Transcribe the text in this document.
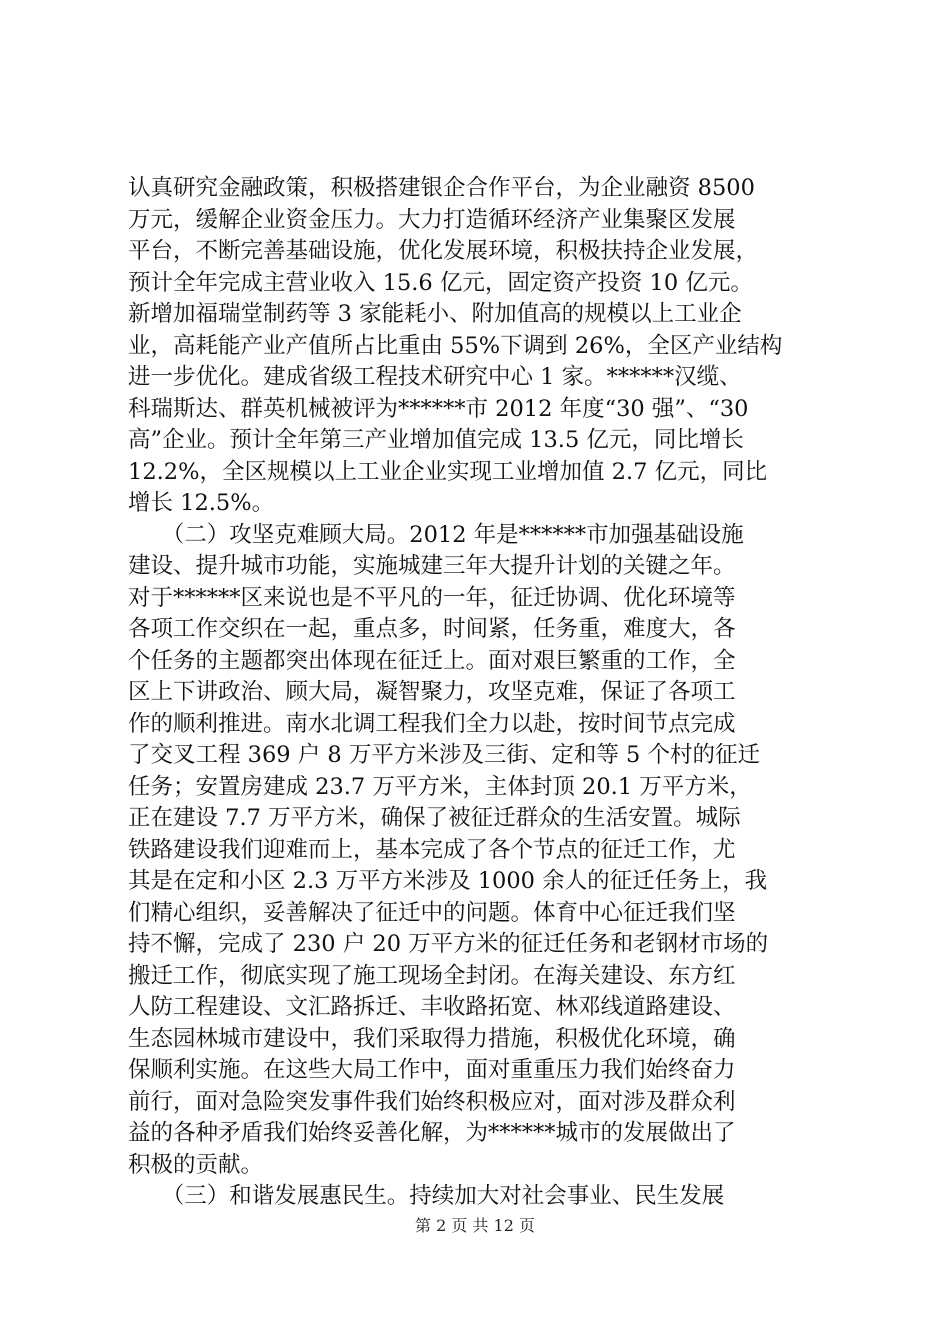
认真研究金融政策，积极搭建银企合作平台，为企业融资 8500
万元，缓解企业资金压力。大力打造循环经济产业集聚区发展
平台，不断完善基础设施，优化发展环境，积极扶持企业发展，
预计全年完成主营业收入 15.6 亿元，固定资产投资 10 亿元。
新增加福瑞堂制药等 3 家能耗小、附加值高的规模以上工业企
业，高耗能产业产值所占比重由 55%下调到 26%，全区产业结构
进一步优化。建成省级工程技术研究中心 1 家。******汉缆、
科瑞斯达、群英机械被评为******市 2012 年度“30 强”、“30
高”企业。预计全年第三产业增加值完成 13.5 亿元，同比增长
12.2%，全区规模以上工业企业实现工业增加值 2.7 亿元，同比
增长 12.5%。
　　（二）攻坚克难顾大局。2012 年是******市加强基础设施
建设、提升城市功能，实施城建三年大提升计划的关键之年。
对于******区来说也是不平凡的一年，征迁协调、优化环境等
各项工作交织在一起，重点多，时间紧，任务重，难度大，各
个任务的主题都突出体现在征迁上。面对艰巨繁重的工作，全
区上下讲政治、顾大局，凝智聚力，攻坚克难，保证了各项工
作的顺利推进。南水北调工程我们全力以赴，按时间节点完成
了交叉工程 369 户 8 万平方米涉及三街、定和等 5 个村的征迁
任务；安置房建成 23.7 万平方米，主体封顶 20.1 万平方米，
正在建设 7.7 万平方米，确保了被征迁群众的生活安置。城际
铁路建设我们迎难而上，基本完成了各个节点的征迁工作，尤
其是在定和小区 2.3 万平方米涉及 1000 余人的征迁任务上，我
们精心组织，妥善解决了征迁中的问题。体育中心征迁我们坚
持不懈，完成了 230 户 20 万平方米的征迁任务和老钢材市场的
搬迁工作，彻底实现了施工现场全封闭。在海关建设、东方红
人防工程建设、文汇路拆迁、丰收路拓宽、林邓线道路建设、
生态园林城市建设中，我们采取得力措施，积极优化环境，确
保顺利实施。在这些大局工作中，面对重重压力我们始终奋力
前行，面对急险突发事件我们始终积极应对，面对涉及群众利
益的各种矛盾我们始终妥善化解，为******城市的发展做出了
积极的贡献。
　　（三）和谐发展惠民生。持续加大对社会事业、民生发展
第 2 页 共 12 页
